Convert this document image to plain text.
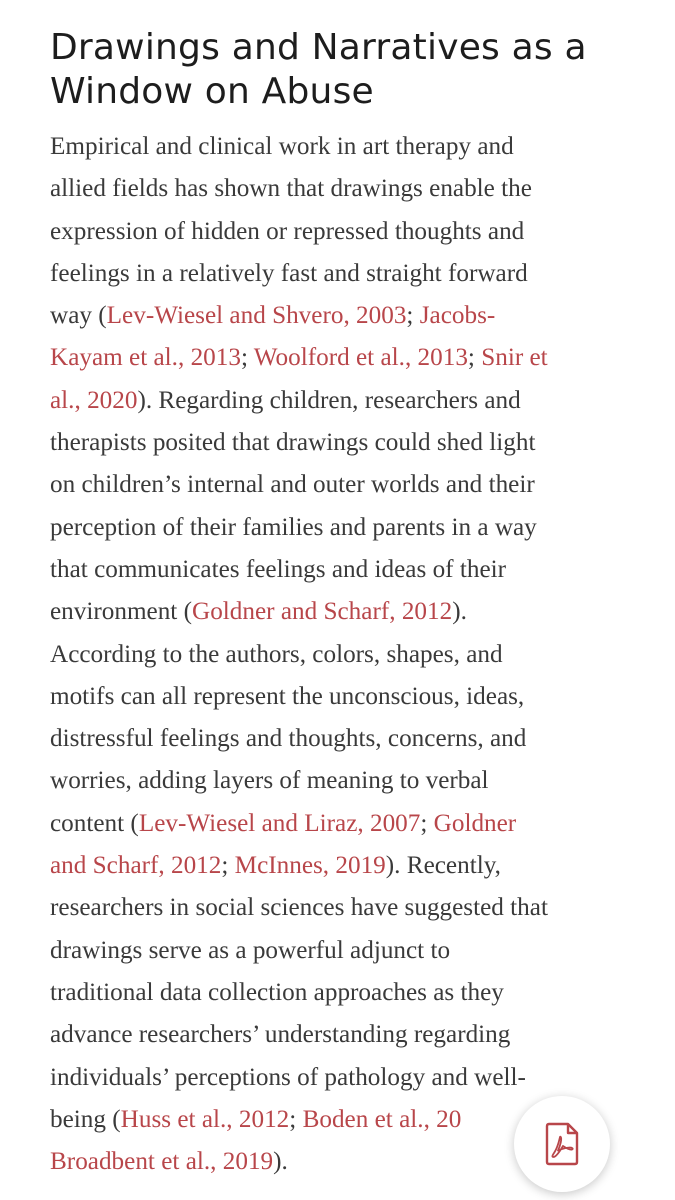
Drawings and Narratives as a
Window on Abuse

Empirical and clinical work in art therapy and
allied fields has shown that drawings enable the
expression of hidden or repressed thoughts and
feelings in a relatively fast and straight forward
way (Lev-Wiesel and Shvero, 2003; Jacobs-
Kayam et al., 2013; Woolford et al., 2013; Snir et
al., 2020). Regarding children, researchers and
therapists posited that drawings could shed light
on children’s internal and outer worlds and their
perception of their families and parents in a way
that communicates feelings and ideas of their
environment (Goldner and Scharf, 2012).
According to the authors, colors, shapes, and
motifs can all represent the unconscious, ideas,
distressful feelings and thoughts, concerns, and
worries, adding layers of meaning to verbal
content (Lev-Wiesel and Liraz, 2007; Goldner
and Scharf, 2012; McInnes, 2019). Recently,
researchers in social sciences have suggested that
drawings serve as a powerful adjunct to
traditional data collection approaches as they
advance researchers’ understanding regarding
individuals’ perceptions of pathology and well-
being (Huss et al., 2012; Boden et al., 20
Broadbent et al., 2019).
